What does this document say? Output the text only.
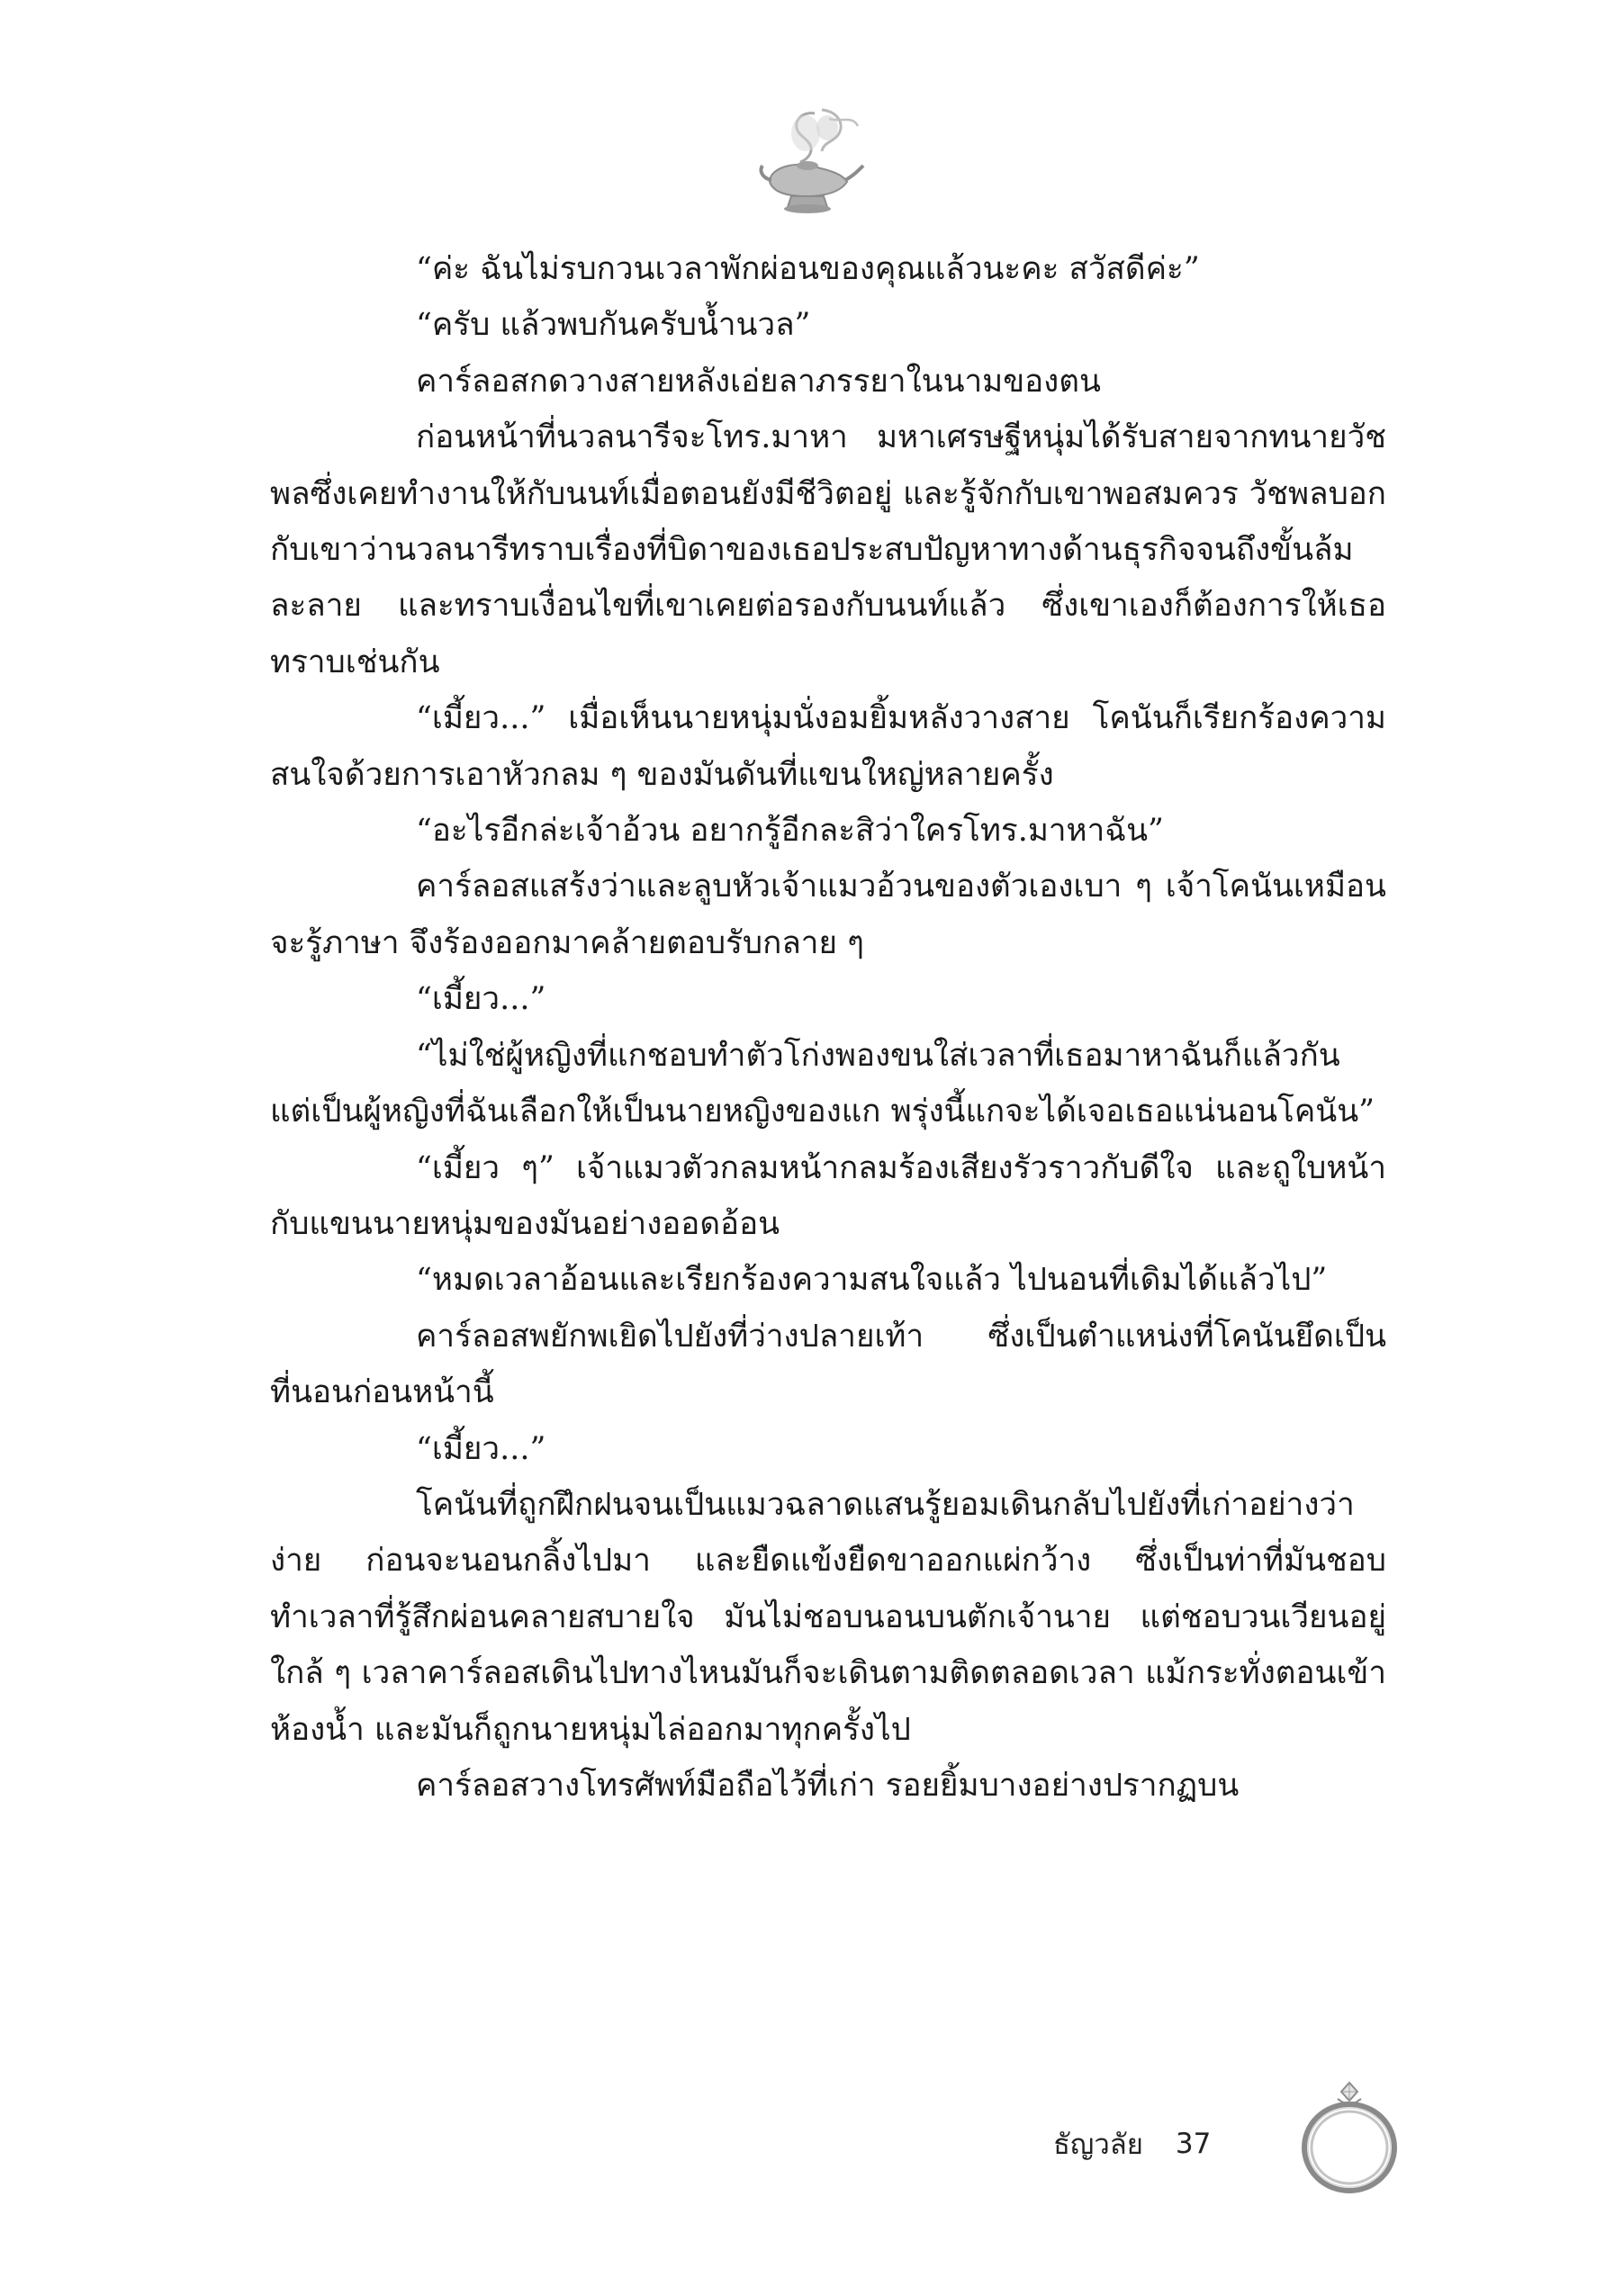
“ค่ะ ฉันไม่รบกวนเวลาพักผ่อนของคุณแล้วนะคะ สวัสดีค่ะ”

“ครับ แล้วพบกันครับน้ำนวล”

คาร์ลอสกดวางสายหลังเอ่ยลาภรรยาในนามของตน

ก่อนหน้าที่นวลนารีจะโทร.มาหา มหาเศรษฐีหนุ่มได้รับสายจากทนายวัชพลซึ่งเคยทำงานให้กับนนท์เมื่อตอนยังมีชีวิตอยู่ และรู้จักกับเขาพอสมควร วัชพลบอกกับเขาว่านวลนารีทราบเรื่องที่บิดาของเธอประสบปัญหาทางด้านธุรกิจจนถึงขั้นล้มละลาย และทราบเงื่อนไขที่เขาเคยต่อรองกับนนท์แล้ว ซึ่งเขาเองก็ต้องการให้เธอทราบเช่นกัน

“เมี้ยว...” เมื่อเห็นนายหนุ่มนั่งอมยิ้มหลังวางสาย โคนันก็เรียกร้องความสนใจด้วยการเอาหัวกลม ๆ ของมันดันที่แขนใหญ่หลายครั้ง

“อะไรอีกล่ะเจ้าอ้วน อยากรู้อีกละสิว่าใครโทร.มาหาฉัน”

คาร์ลอสแสร้งว่าและลูบหัวเจ้าแมวอ้วนของตัวเองเบา ๆ เจ้าโคนันเหมือนจะรู้ภาษา จึงร้องออกมาคล้ายตอบรับกลาย ๆ

“เมี้ยว...”

“ไม่ใช่ผู้หญิงที่แกชอบทำตัวโก่งพองขนใส่เวลาที่เธอมาหาฉันก็แล้วกัน แต่เป็นผู้หญิงที่ฉันเลือกให้เป็นนายหญิงของแก พรุ่งนี้แกจะได้เจอเธอแน่นอนโคนัน”

“เมี้ยว ๆ” เจ้าแมวตัวกลมหน้ากลมร้องเสียงรัวราวกับดีใจ และถูใบหน้ากับแขนนายหนุ่มของมันอย่างออดอ้อน

“หมดเวลาอ้อนและเรียกร้องความสนใจแล้ว ไปนอนที่เดิมได้แล้วไป”

คาร์ลอสพยักพเยิดไปยังที่ว่างปลายเท้า ซึ่งเป็นตำแหน่งที่โคนันยึดเป็นที่นอนก่อนหน้านี้

“เมี้ยว...”

โคนันที่ถูกฝึกฝนจนเป็นแมวฉลาดแสนรู้ยอมเดินกลับไปยังที่เก่าอย่างว่าง่าย ก่อนจะนอนกลิ้งไปมา และยืดแข้งยืดขาออกแผ่กว้าง ซึ่งเป็นท่าที่มันชอบทำเวลาที่รู้สึกผ่อนคลายสบายใจ มันไม่ชอบนอนบนตักเจ้านาย แต่ชอบวนเวียนอยู่ใกล้ ๆ เวลาคาร์ลอสเดินไปทางไหนมันก็จะเดินตามติดตลอดเวลา แม้กระทั่งตอนเข้าห้องน้ำ และมันก็ถูกนายหนุ่มไล่ออกมาทุกครั้งไป

คาร์ลอสวางโทรศัพท์มือถือไว้ที่เก่า รอยยิ้มบางอย่างปรากฏบน

ธัญวลัย 37
